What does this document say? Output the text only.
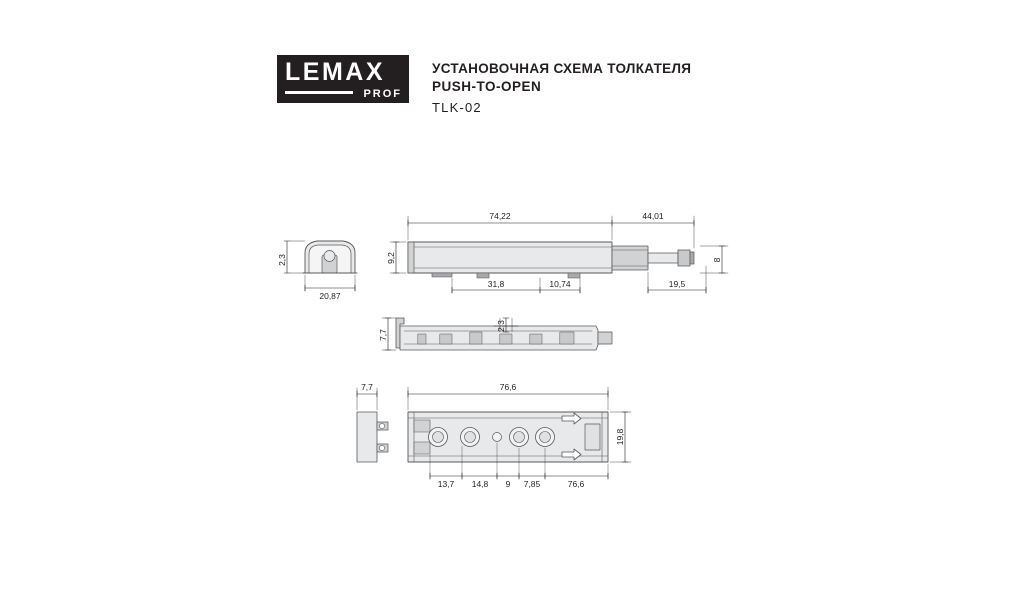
LEMAX
PROF
УСТАНОВОЧНАЯ СХЕМА ТОЛКАТЕЛЯ
PUSH-TO-OPEN
TLK-02
2,3
20,87
74,22	44,01
9,2	8
31,8	10,74	19,5
7,7
2,3
7,7	76,6
19,8
13,7 14,8 9 7,85	76,6
